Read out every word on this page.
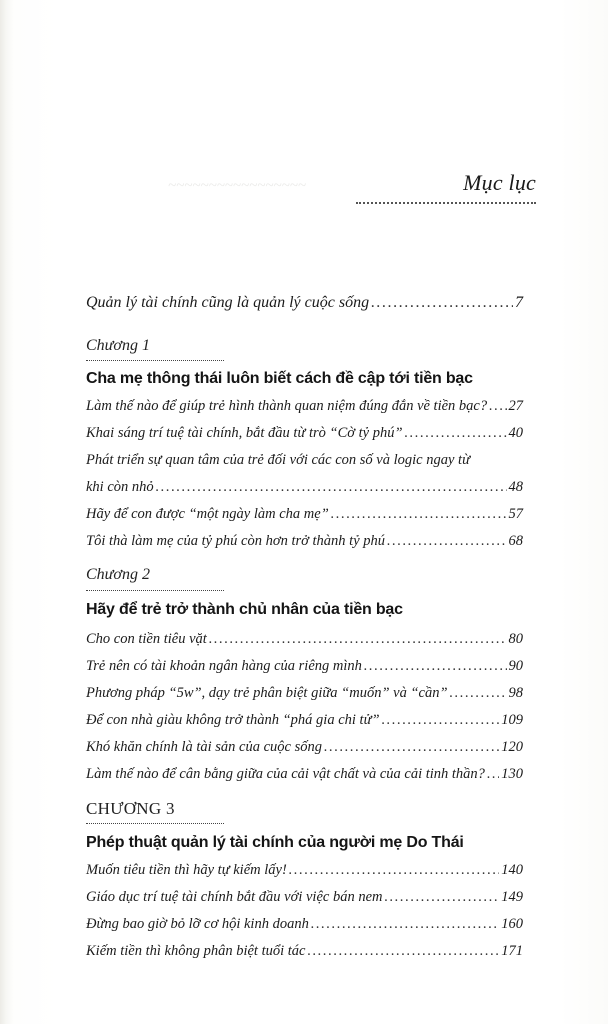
~~~~~~~~~~~~~~~~~	Mục lục
Quản lý tài chính cũng là quản lý cuộc sống .....	7
Chương 1
Cha mẹ thông thái luôn biết cách đề cập tới tiền bạc
Làm thế nào để giúp trẻ hình thành quan niệm đúng đắn về tiền bạc? ..... 27
Khai sáng trí tuệ tài chính, bắt đầu từ trò “Cờ tỷ phú” .....	40
Phát triển sự quan tâm của trẻ đối với các con số và logic ngay từ
khi còn nhỏ .....	48
Hãy để con được “một ngày làm cha mẹ” .....	57
Tôi thà làm mẹ của tỷ phú còn hơn trở thành tỷ phú .....	68
Chương 2
Hãy để trẻ trở thành chủ nhân của tiền bạc
Cho con tiền tiêu vặt .....	80
Trẻ nên có tài khoản ngân hàng của riêng mình .....	90
Phương pháp “5w”, dạy trẻ phân biệt giữa “muốn” và “cần” .....	98
Để con nhà giàu không trở thành “phá gia chi tử” .....	109
Khó khăn chính là tài sản của cuộc sống .....	120
Làm thế nào để cân bằng giữa của cải vật chất và của cải tinh thần? ..... 130
CHƯƠNG 3
Phép thuật quản lý tài chính của người mẹ Do Thái
Muốn tiêu tiền thì hãy tự kiếm lấy! .....	140
Giáo dục trí tuệ tài chính bắt đầu với việc bán nem .....	149
Đừng bao giờ bỏ lỡ cơ hội kinh doanh .....	160
Kiếm tiền thì không phân biệt tuổi tác .....	171
